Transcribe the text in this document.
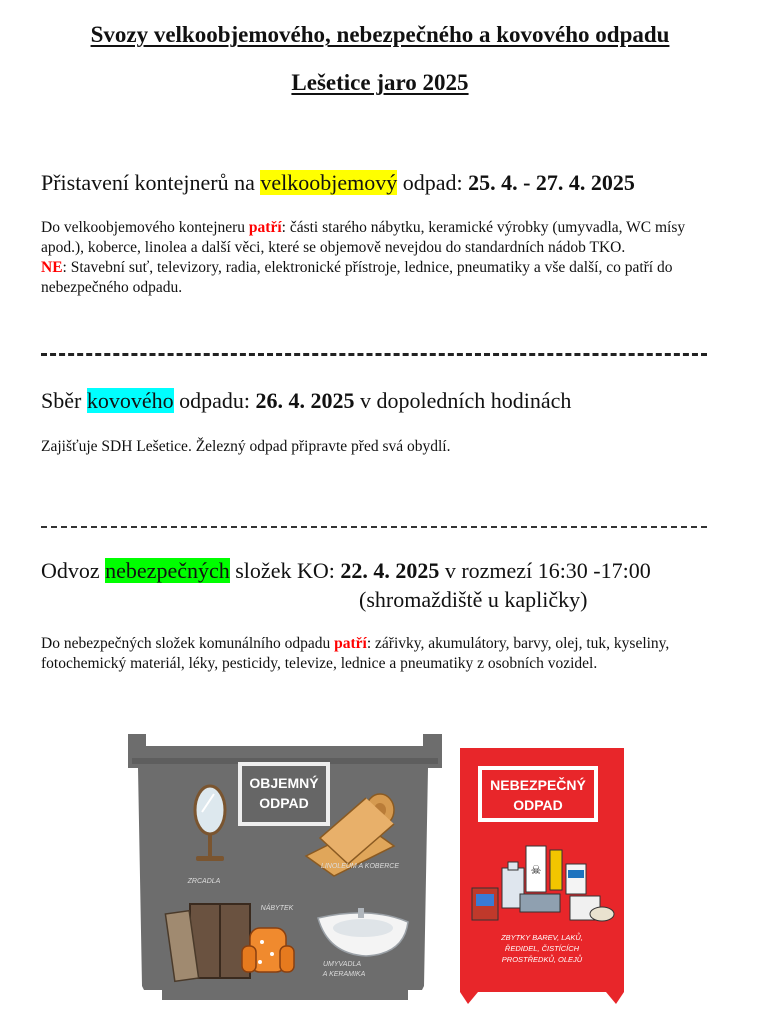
Svozy velkoobjemového, nebezpečného a kovového odpadu
Lešetice jaro 2025

Přistavení kontejnerů na velkoobjemový odpad: 25. 4. - 27. 4. 2025

Do velkoobjemového kontejneru patří: části starého nábytku, keramické výrobky (umyvadla, WC mísy apod.), koberce, linolea a další věci, které se objemově nevejdou do standardních nádob TKO.
NE: Stavební suť, televizory, radia, elektronické přístroje, lednice, pneumatiky a vše další, co patří do nebezpečného odpadu.

Sběr kovového odpadu: 26. 4. 2025 v dopoledních hodinách

Zajišťuje SDH Lešetice. Železný odpad připravte před svá obydlí.

Odvoz nebezpečných složek KO: 22. 4. 2025 v rozmezí 16:30 -17:00

(shromaždiště u kapličky)

Do nebezpečných složek komunálního odpadu patří: zářivky, akumulátory, barvy, olej, tuk, kyseliny, fotochemický materiál, léky, pesticidy, televize, lednice a pneumatiky z osobních vozidel.

OBJEMNÝ
ODPAD
ZRCADLA
LINOLEUM A KOBERCE
NÁBYTEK
UMYVADLA
A KERAMIKA
NEBEZPEČNÝ
ODPAD
☠
ZBYTKY BAREV, LAKŮ,
ŘEDIDEL, ČISTÍCÍCH
PROSTŘEDKŮ, OLEJŮ
